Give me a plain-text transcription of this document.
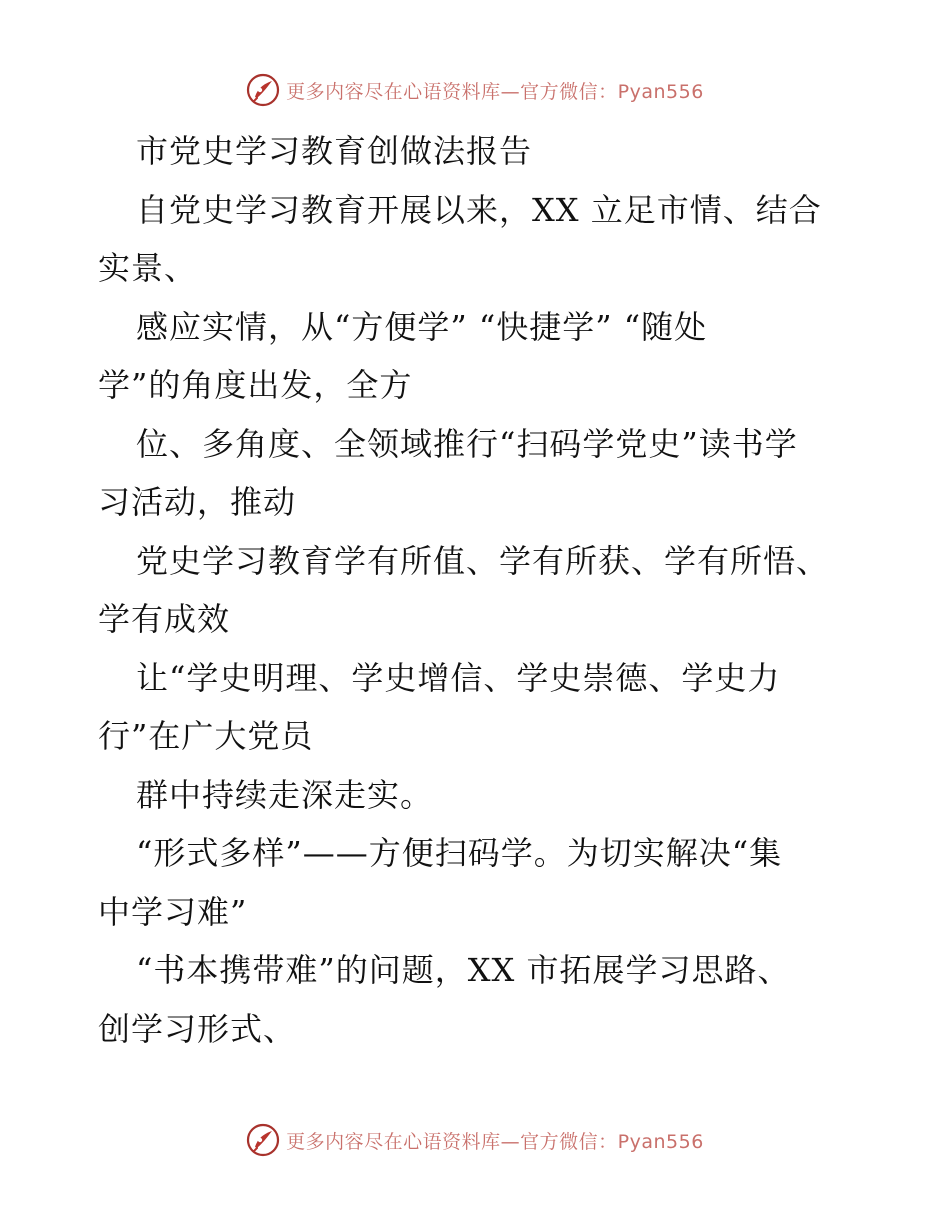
更多内容尽在心语资料库—官方微信：Pyan556
市党史学习教育创做法报告
自党史学习教育开展以来，XX 立足市情、结合
实景、
感应实情，从“方便学” “快捷学” “随处
学”的角度出发，全方
位、多角度、全领域推行“扫码学党史”读书学
习活动，推动
党史学习教育学有所值、学有所获、学有所悟、
学有成效
让“学史明理、学史增信、学史崇德、学史力
行”在广大党员
群中持续走深走实。
“形式多样”——方便扫码学。为切实解决“集
中学习难”
“书本携带难”的问题，XX 市拓展学习思路、
创学习形式、
更多内容尽在心语资料库—官方微信：Pyan556
